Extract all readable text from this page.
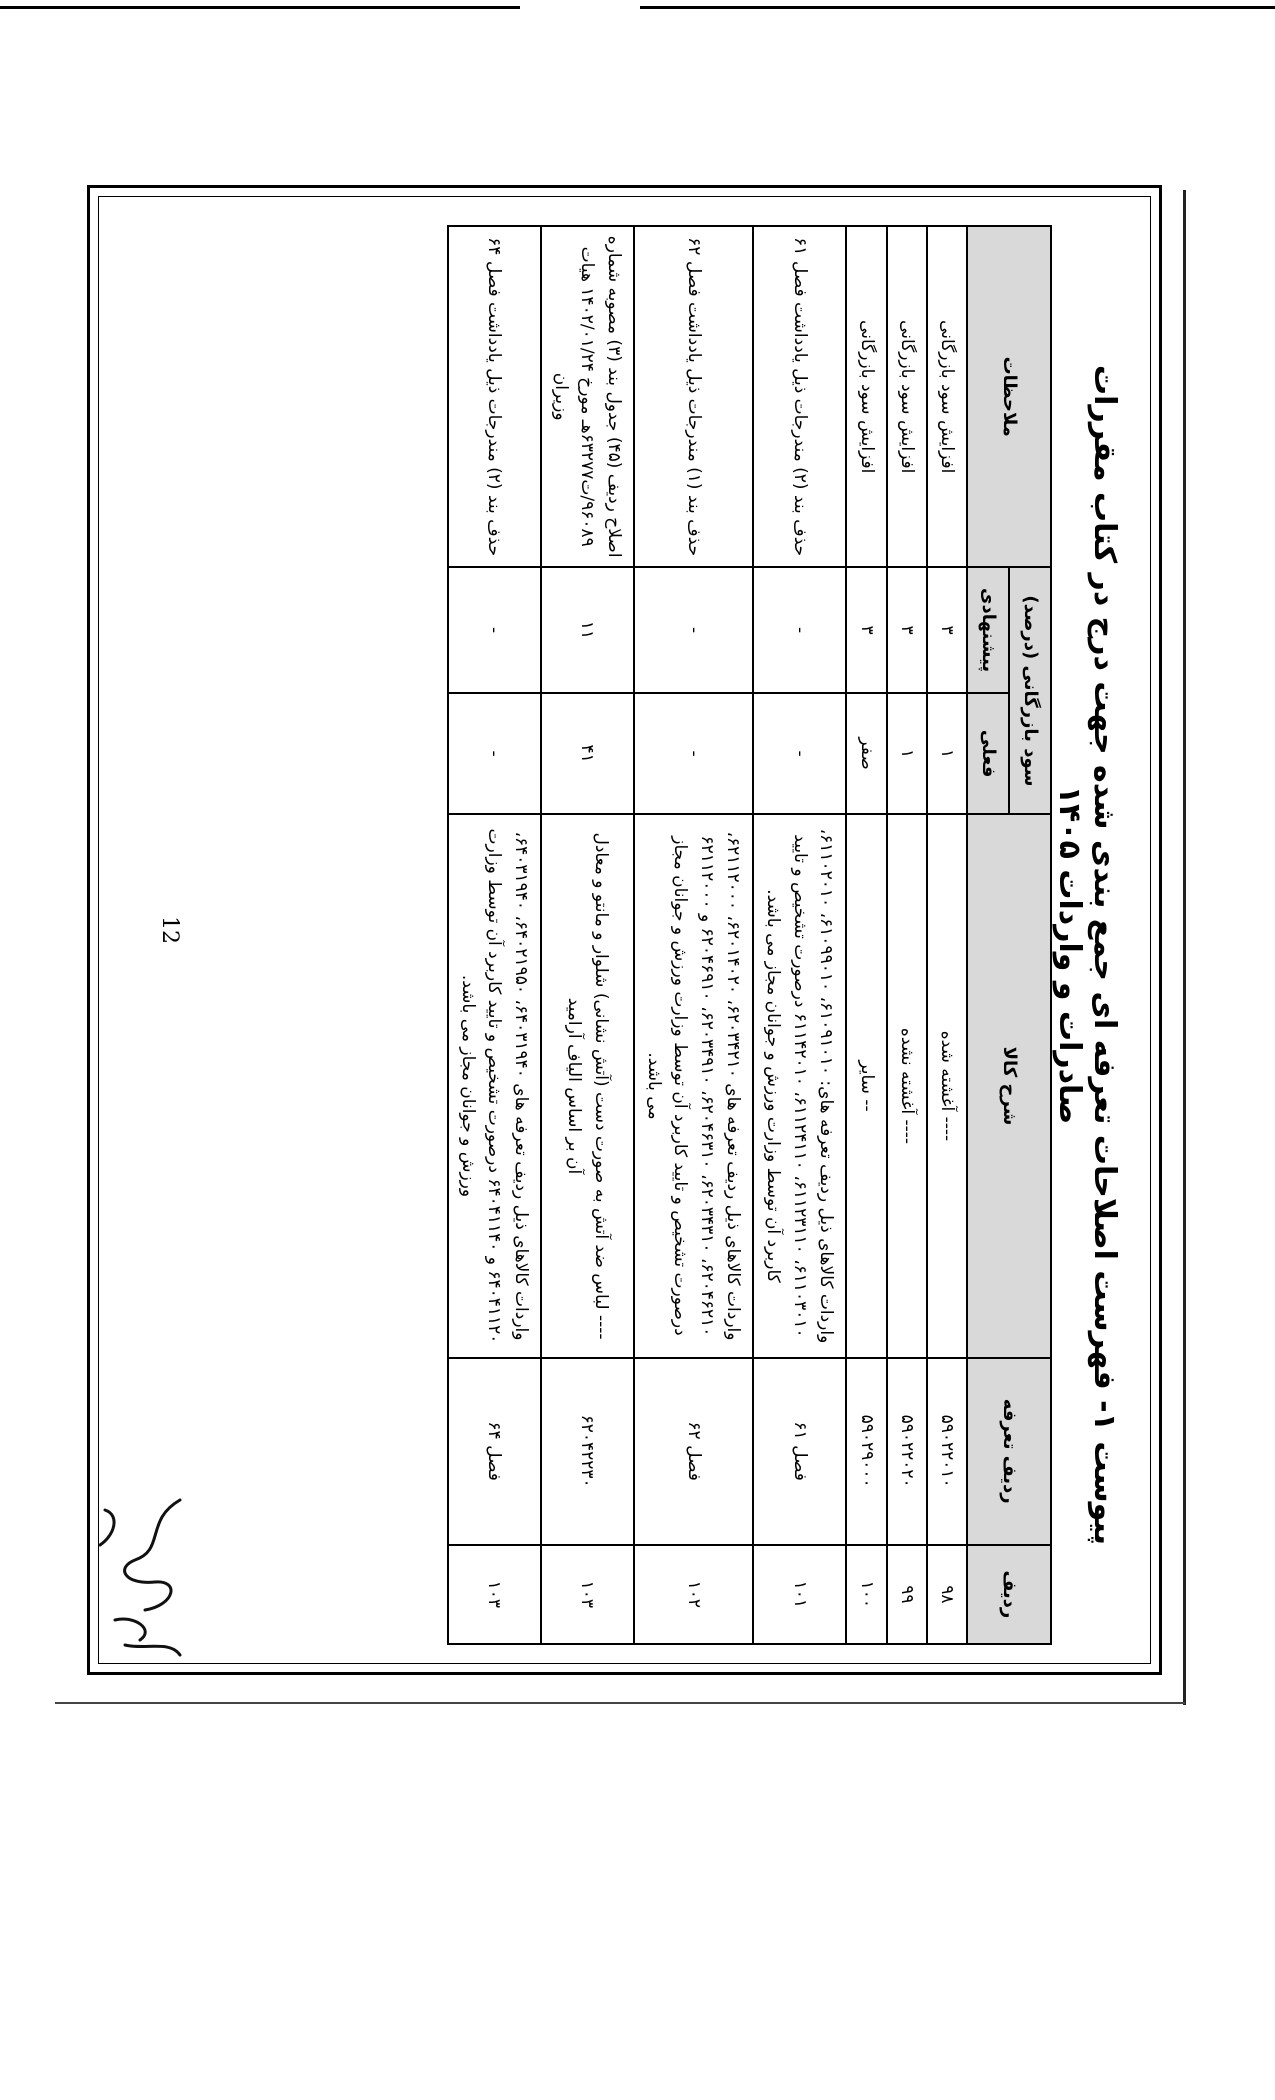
پیوست ۱- فهرست اصلاحات تعرفه ای جمع بندی شده جهت درج در کتاب مقررات صادرات و واردات ۱۴۰۵
ردیف	ردیف تعرفه	شرح کالا	سود بازرگانی (درصد)		ملاحظات
			فعلی	پیشنهادی	
۹۸	۵۹۰۲۲۰۱۰	---- آغشته شده	۱	۳	افزایش سود بازرگانی
۹۹	۵۹۰۲۲۰۲۰	---- آغشته نشده	۱	۳	افزایش سود بازرگانی
۱۰۰	۵۹۰۲۹۰۰۰	-- سایر	صفر	۳	افزایش سود بازرگانی
۱۰۱	فصل ۶۱	واردات کالاهای ذیل ردیف تعرفه های: ۶۱۰۹۱۰۱۰، ۶۱۰۹۹۰۱۰، ۶۱۱۰۲۰۱۰، ۶۱۱۰۳۰۱۰، ۶۱۱۲۳۱۱۰، ۶۱۱۲۴۱۱۰، ۶۱۱۴۲۰۱۰ درصورت تشخیص و تایید کاربرد آن توسط وزارت ورزش و جوانان مجاز می باشد.	-	-	حذف بند (۲) مندرجات ذیل یادداشت فصل ۶۱
۱۰۲	فصل ۶۲	واردات کالاهای ذیل ردیف تعرفه های ۶۲۰۳۴۲۱۰، ۶۲۰۱۴۰۲۰، ۶۲۱۱۲۰۰۰، ۶۲۰۴۶۲۱۰، ۶۲۰۳۴۳۱۰، ۶۲۰۴۶۳۱۰، ۶۲۰۳۴۹۱۰، ۶۲۰۴۶۹۱۰ و ۶۲۱۱۲۰۰۰ درصورت تشخیص و تایید کاربرد آن توسط وزارت ورزش و جوانان مجاز می باشد.	-	-	حذف بند (۱) مندرجات ذیل یادداشت فصل ۶۲
۱۰۳	۶۲۰۴۲۲۳۰	---- لباس ضد آتش به صورت دست (آتش نشانی) شلوار و مانتو و معادل آن بر اساس الیاف آرامید	۴۱	۱۱	اصلاح ردیف (۴۵) جدول بند (۳) مصوبه شماره ۹۶۰۸۹/ت۶۳۲۷۷هـ مورخ ۱۴۰۲/۰۱/۲۴ هیات وزیران
۱۰۳	فصل ۶۴	واردات کالاهای ذیل ردیف تعرفه های ۶۴۰۳۱۹۴۰، ۶۴۰۲۱۹۵۰، ۶۴۰۳۱۹۴۰، ۶۴۰۴۱۱۲۰ و ۶۴۰۴۱۱۴۰ درصورت تشخیص و تایید کاربرد آن توسط وزارت ورزش و جوانان مجاز می باشد.	-	-	حذف بند (۲) مندرجات ذیل یادداشت فصل ۶۴
12
